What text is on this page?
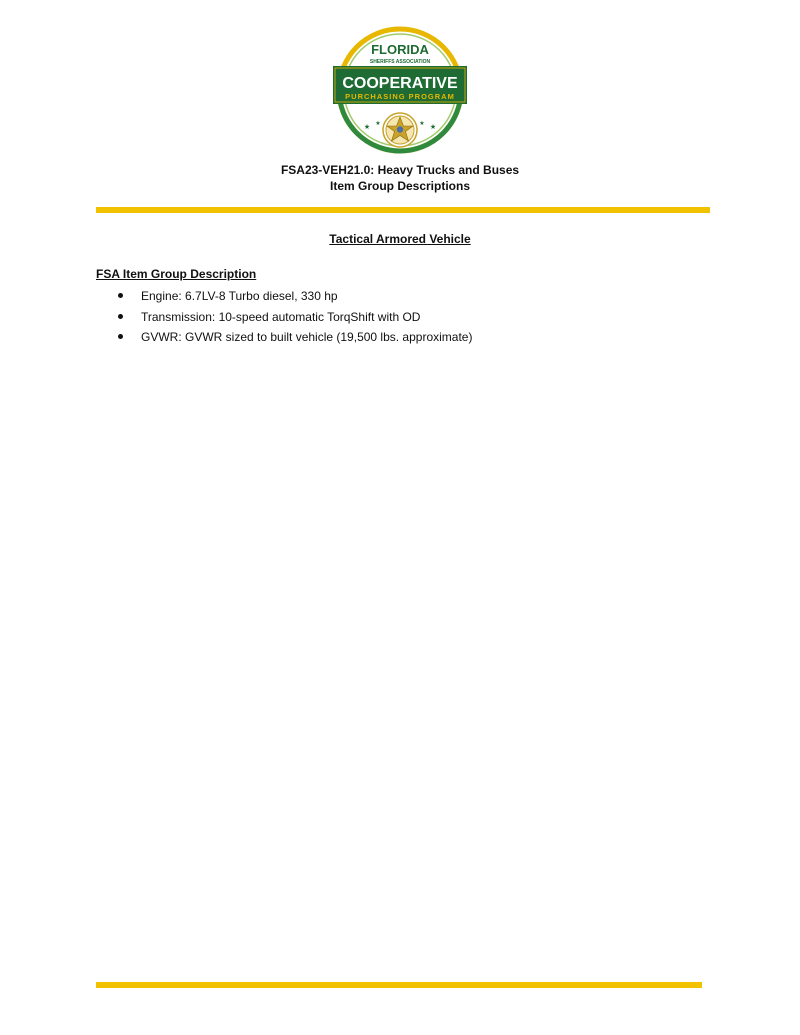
FLORIDA
SHERIFFS ASSOCIATION
COOPERATIVE
PURCHASING PROGRAM
★ ★	★ ★
FSA23-VEH21.0: Heavy Trucks and Buses
Item Group Descriptions
Tactical Armored Vehicle
FSA Item Group Description
Engine: 6.7LV-8 Turbo diesel, 330 hp
Transmission: 10-speed automatic TorqShift with OD
GVWR: GVWR sized to built vehicle (19,500 lbs. approximate)
